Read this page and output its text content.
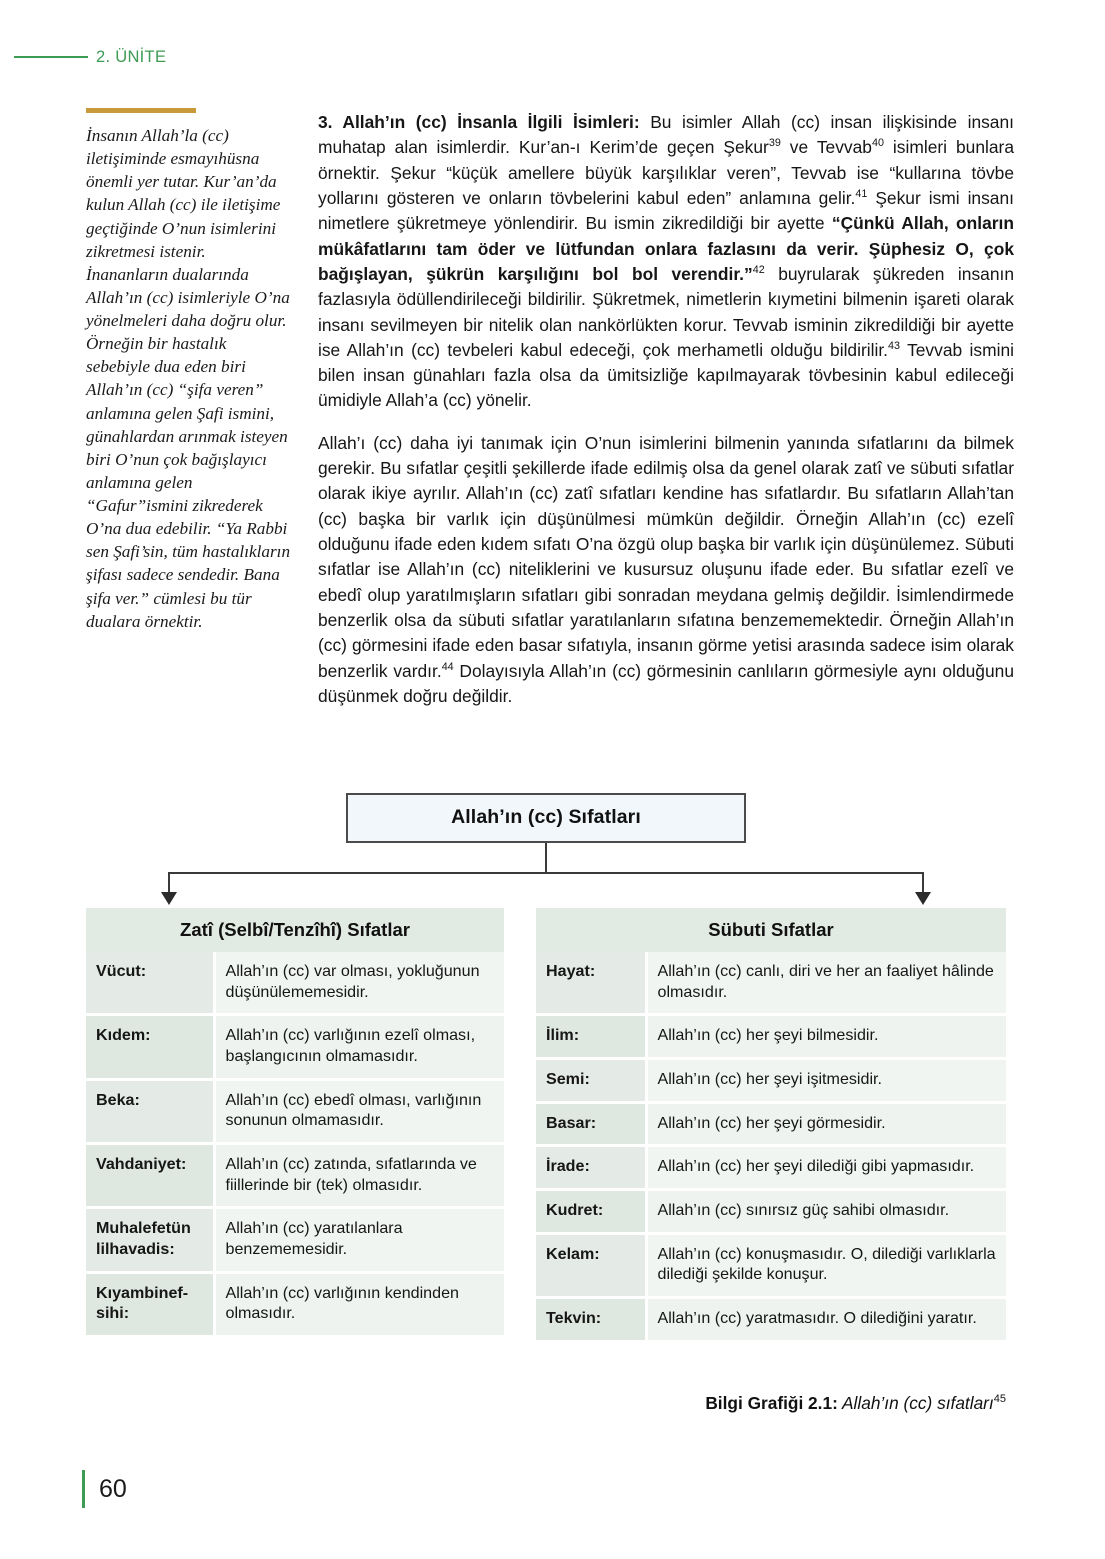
2. ÜNİTE
İnsanın Allah’la (cc) iletişiminde esmayıhüsna önemli yer tutar. Kur’an’da kulun Allah (cc) ile iletişime geçtiğinde O’nun isimlerini zikretmesi istenir. İnananların dualarında Allah’ın (cc) isimleriyle O’na yönelmeleri daha doğru olur. Örneğin bir hastalık sebebiyle dua eden biri Allah’ın (cc) “şifa veren” anlamına gelen Şafi ismini, günahlardan arınmak isteyen biri O’nun çok bağışlayıcı anlamına gelen “Gafur”ismini zikrederek O’na dua edebilir. “Ya Rabbi sen Şafi’sin, tüm hastalıkların şifası sadece sendedir. Bana şifa ver.” cümlesi bu tür dualara örnektir.

3. Allah’ın (cc) İnsanla İlgili İsimleri: Bu isimler Allah (cc) insan ilişkisinde insanı muhatap alan isimlerdir. Kur’an-ı Kerim’de geçen Şekur$^{39}$ ve Tevvab$^{40}$ isimleri bunlara örnektir. Şekur “küçük amellere büyük karşılıklar veren”, Tevvab ise “kullarına tövbe yollarını gösteren ve onların tövbelerini kabul eden” anlamına gelir.$^{41}$ Şekur ismi insanı nimetlere şükretmeye yönlendirir. Bu ismin zikredildiği bir ayette “Çünkü Allah, onların mükâfatlarını tam öder ve lütfundan onlara fazlasını da verir. Şüphesiz O, çok bağışlayan, şükrün karşılığını bol bol verendir.”$^{42}$ buyrularak şükreden insanın fazlasıyla ödüllendirileceği bildirilir. Şükretmek, nimetlerin kıymetini bilmenin işareti olarak insanı sevilmeyen bir nitelik olan nankörlükten korur. Tevvab isminin zikredildiği bir ayette ise Allah’ın (cc) tevbeleri kabul edeceği, çok merhametli olduğu bildirilir.$^{43}$ Tevvab ismini bilen insan günahları fazla olsa da ümitsizliğe kapılmayarak tövbesinin kabul edileceği ümidiyle Allah’a (cc) yönelir.

Allah’ı (cc) daha iyi tanımak için O’nun isimlerini bilmenin yanında sıfatlarını da bilmek gerekir. Bu sıfatlar çeşitli şekillerde ifade edilmiş olsa da genel olarak zatî ve sübuti sıfatlar olarak ikiye ayrılır. Allah’ın (cc) zatî sıfatları kendine has sıfatlardır. Bu sıfatların Allah’tan (cc) başka bir varlık için düşünülmesi mümkün değildir. Örneğin Allah’ın (cc) ezelî olduğunu ifade eden kıdem sıfatı O’na özgü olup başka bir varlık için düşünülemez. Sübuti sıfatlar ise Allah’ın (cc) niteliklerini ve kusursuz oluşunu ifade eder. Bu sıfatlar ezelî ve ebedî olup yaratılmışların sıfatları gibi sonradan meydana gelmiş değildir. İsimlendirmede benzerlik olsa da sübuti sıfatlar yaratılanların sıfatına benzememektedir. Örneğin Allah’ın (cc) görmesini ifade eden basar sıfatıyla, insanın görme yetisi arasında sadece isim olarak benzerlik vardır.$^{44}$ Dolayısıyla Allah’ın (cc) görmesinin canlıların görmesiyle aynı olduğunu düşünmek doğru değildir.

Allah’ın (cc) Sıfatları
Zatî (Selbî/Tenzîhî) Sıfatlar
Vücut:	Allah’ın (cc) var olması, yokluğunun düşünülememesidir.
Kıdem:	Allah’ın (cc) varlığının ezelî olması, başlangıcının olmamasıdır.
Beka:	Allah’ın (cc) ebedî olması, varlığının sonunun olmamasıdır.
Vahdaniyet:	Allah’ın (cc) zatında, sıfatlarında ve fiillerinde bir (tek) olmasıdır.
Muhalefetün lilhavadis:	Allah’ın (cc) yaratılanlara benzememesidir.
Kıyambinef-sihi:	Allah’ın (cc) varlığının kendinden olmasıdır.
Sübuti Sıfatlar
Hayat:	Allah’ın (cc) canlı, diri ve her an faaliyet hâlinde olmasıdır.
İlim:	Allah’ın (cc) her şeyi bilmesidir.
Semi:	Allah’ın (cc) her şeyi işitmesidir.
Basar:	Allah’ın (cc) her şeyi görmesidir.
İrade:	Allah’ın (cc) her şeyi dilediği gibi yapmasıdır.
Kudret:	Allah’ın (cc) sınırsız güç sahibi olmasıdır.
Kelam:	Allah’ın (cc) konuşmasıdır. O, dilediği varlıklarla dilediği şekilde konuşur.
Tekvin:	Allah’ın (cc) yaratmasıdır. O dilediğini yaratır.
Bilgi Grafiği 2.1: Allah’ın (cc) sıfatları$^{45}$
60
